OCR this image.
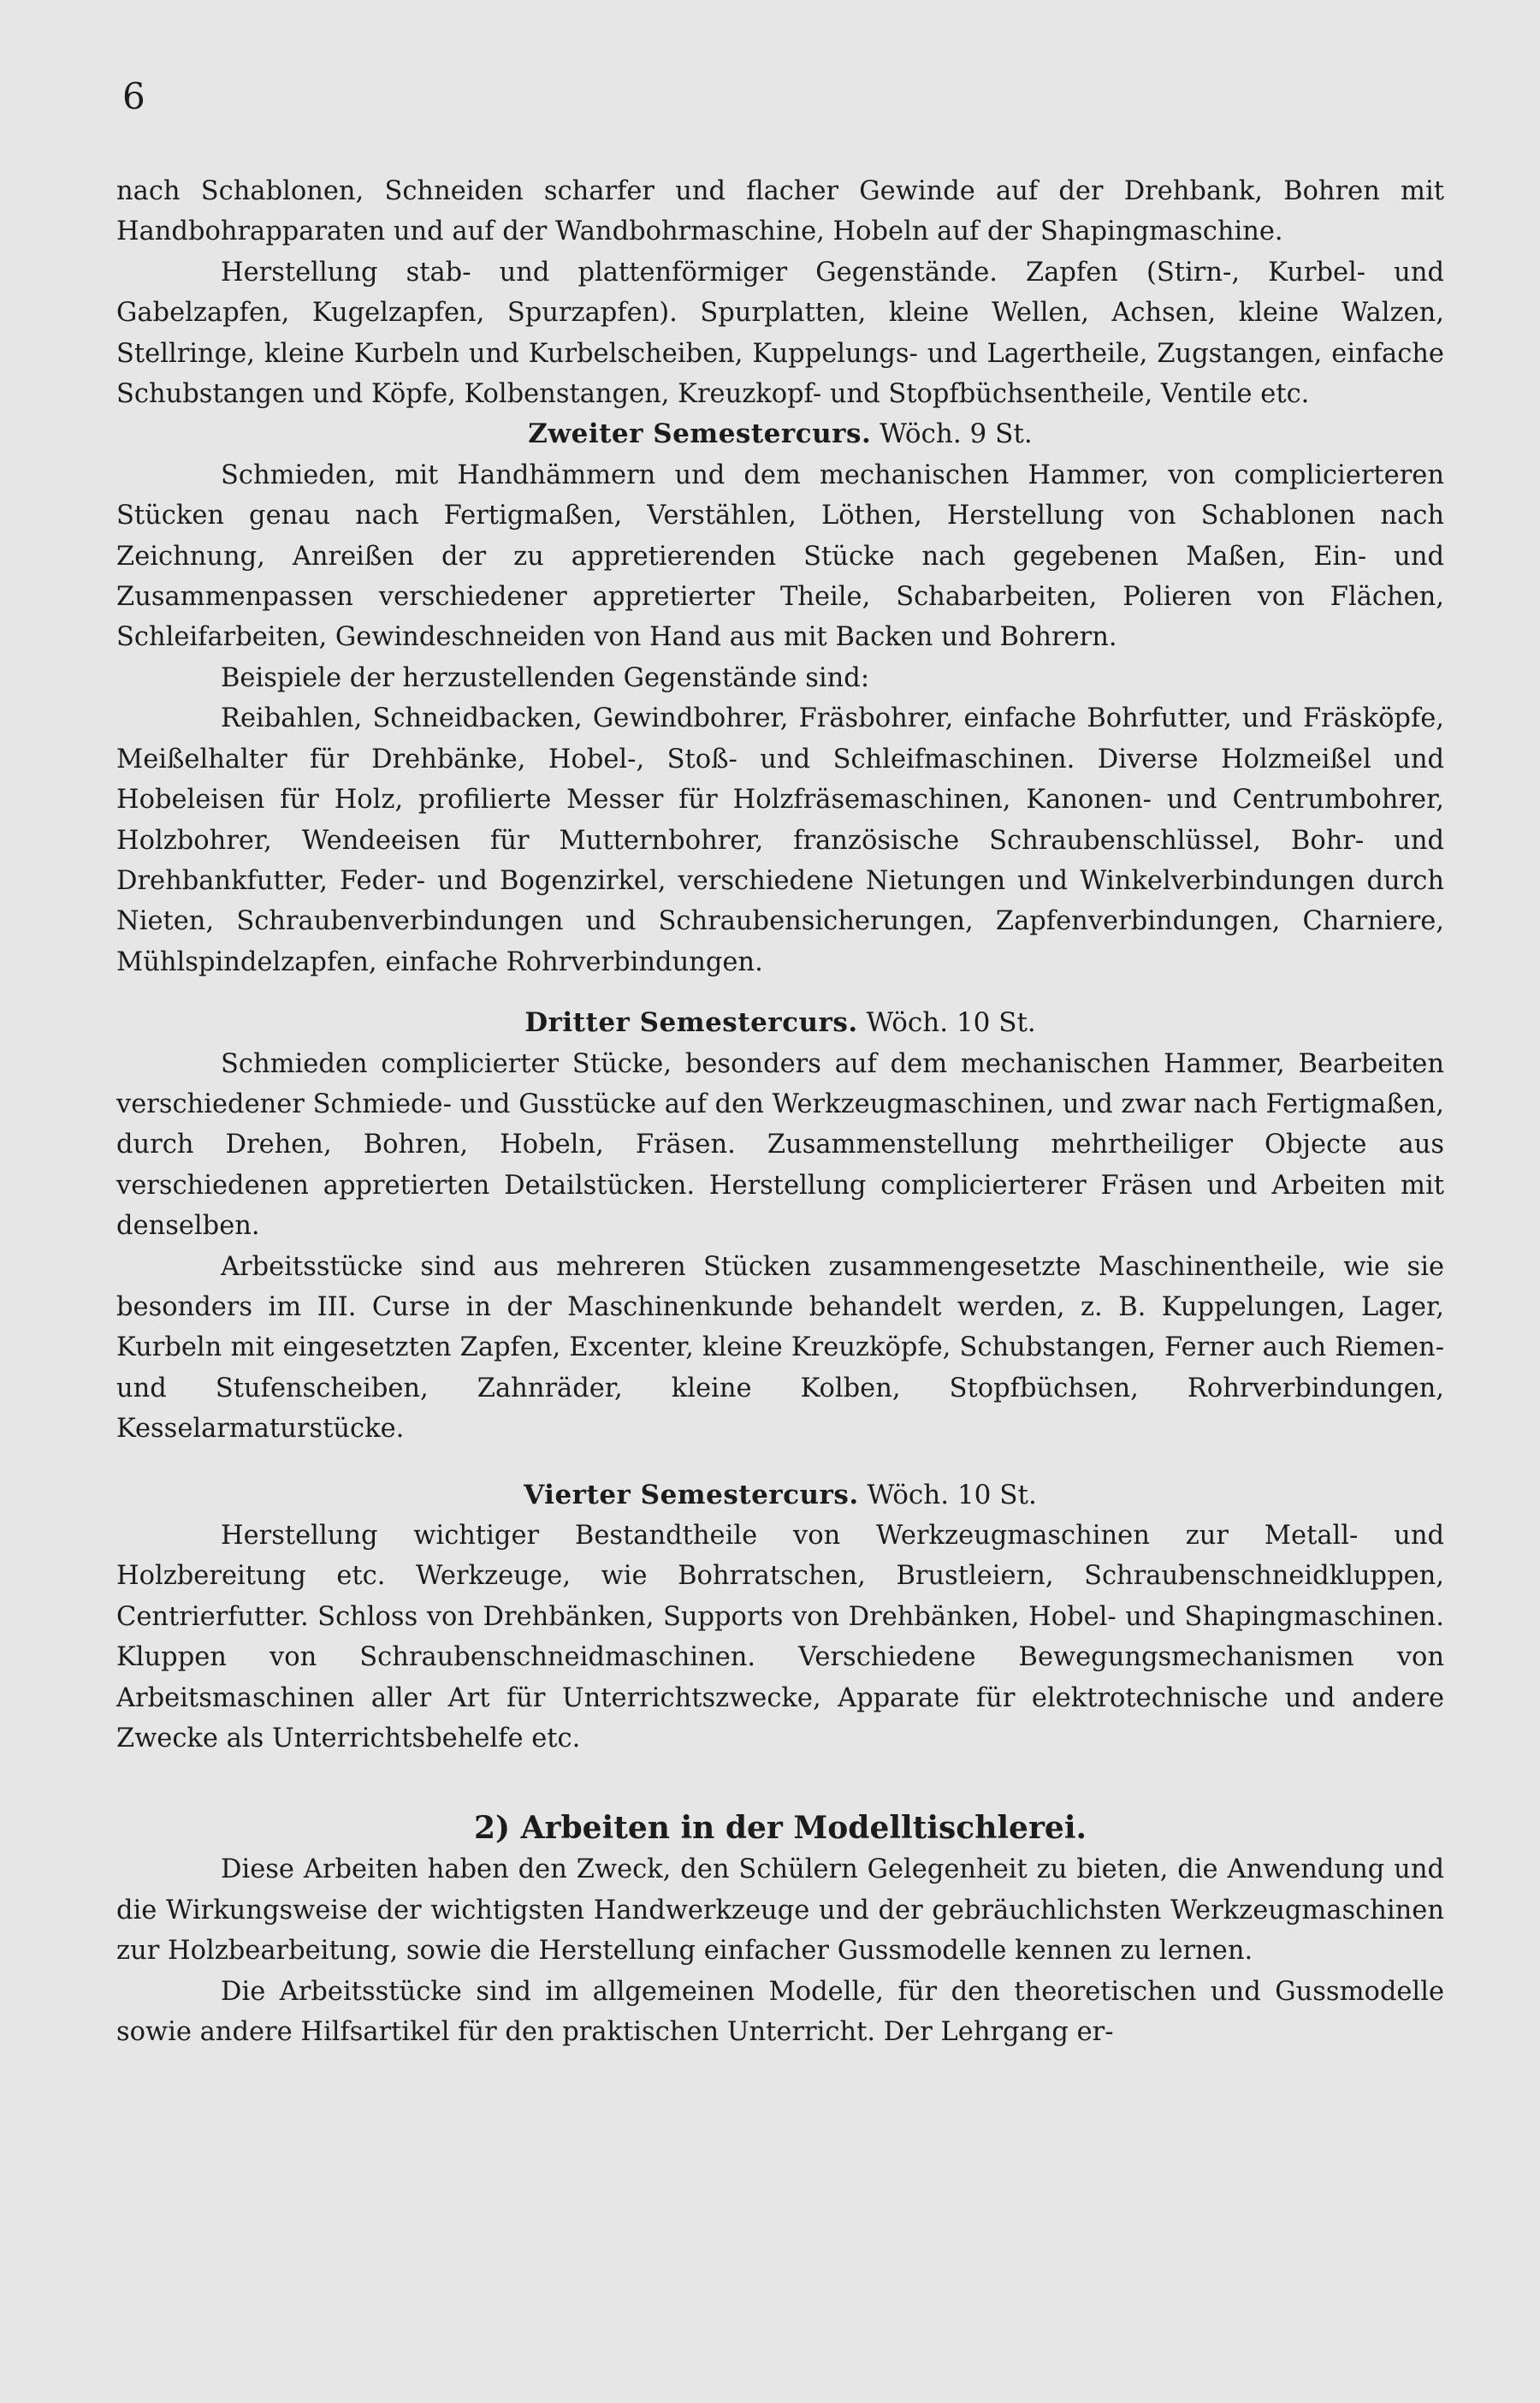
6

nach Schablonen, Schneiden scharfer und flacher Gewinde auf der Drehbank, Bohren mit Handbohrapparaten und auf der Wandbohrmaschine, Hobeln auf der Shapingmaschine.

Herstellung stab- und plattenförmiger Gegenstände. Zapfen (Stirn-, Kurbel- und Gabelzapfen, Kugelzapfen, Spurzapfen). Spurplatten, kleine Wellen, Achsen, kleine Walzen, Stellringe, kleine Kurbeln und Kurbelscheiben, Kuppelungs- und Lagertheile, Zugstangen, einfache Schubstangen und Köpfe, Kolbenstangen, Kreuzkopf- und Stopfbüchsentheile, Ventile etc.

Zweiter Semestercurs. Wöch. 9 St.

Schmieden, mit Handhämmern und dem mechanischen Hammer, von complicierteren Stücken genau nach Fertigmaßen, Verstählen, Löthen, Herstellung von Schablonen nach Zeichnung, Anreißen der zu appretierenden Stücke nach gegebenen Maßen, Ein- und Zusammenpassen verschiedener appretierter Theile, Schabarbeiten, Polieren von Flächen, Schleifarbeiten, Gewindeschneiden von Hand aus mit Backen und Bohrern.

Beispiele der herzustellenden Gegenstände sind:

Reibahlen, Schneidbacken, Gewindbohrer, Fräsbohrer, einfache Bohrfutter, und Fräsköpfe, Meißelhalter für Drehbänke, Hobel-, Stoß- und Schleifmaschinen. Diverse Holzmeißel und Hobeleisen für Holz, profilierte Messer für Holzfräsemaschinen, Kanonen- und Centrumbohrer, Holzbohrer, Wendeeisen für Mutternbohrer, französische Schraubenschlüssel, Bohr- und Drehbankfutter, Feder- und Bogenzirkel, verschiedene Nietungen und Winkelverbindungen durch Nieten, Schraubenverbindungen und Schraubensicherungen, Zapfenverbindungen, Charniere, Mühlspindelzapfen, einfache Rohrverbindungen.

Dritter Semestercurs. Wöch. 10 St.

Schmieden complicierter Stücke, besonders auf dem mechanischen Hammer, Bearbeiten verschiedener Schmiede- und Gusstücke auf den Werkzeugmaschinen, und zwar nach Fertigmaßen, durch Drehen, Bohren, Hobeln, Fräsen. Zusammenstellung mehrtheiliger Objecte aus verschiedenen appretierten Detailstücken. Herstellung complicierterer Fräsen und Arbeiten mit denselben.

Arbeitsstücke sind aus mehreren Stücken zusammengesetzte Maschinentheile, wie sie besonders im III. Curse in der Maschinenkunde behandelt werden, z. B. Kuppelungen, Lager, Kurbeln mit eingesetzten Zapfen, Excenter, kleine Kreuzköpfe, Schubstangen, Ferner auch Riemen- und Stufenscheiben, Zahnräder, kleine Kolben, Stopfbüchsen, Rohrverbindungen, Kesselarmaturstücke.

Vierter Semestercurs. Wöch. 10 St.

Herstellung wichtiger Bestandtheile von Werkzeugmaschinen zur Metall- und Holzbereitung etc. Werkzeuge, wie Bohrratschen, Brustleiern, Schraubenschneidkluppen, Centrierfutter. Schloss von Drehbänken, Supports von Drehbänken, Hobel- und Shapingmaschinen. Kluppen von Schraubenschneidmaschinen. Verschiedene Bewegungsmechanismen von Arbeitsmaschinen aller Art für Unterrichtszwecke, Apparate für elektrotechnische und andere Zwecke als Unterrichtsbehelfe etc.

2) Arbeiten in der Modelltischlerei.

Diese Arbeiten haben den Zweck, den Schülern Gelegenheit zu bieten, die Anwendung und die Wirkungsweise der wichtigsten Handwerkzeuge und der gebräuchlichsten Werkzeugmaschinen zur Holzbearbeitung, sowie die Herstellung einfacher Gussmodelle kennen zu lernen.

Die Arbeitsstücke sind im allgemeinen Modelle, für den theoretischen und Gussmodelle sowie andere Hilfsartikel für den praktischen Unterricht. Der Lehrgang er-
